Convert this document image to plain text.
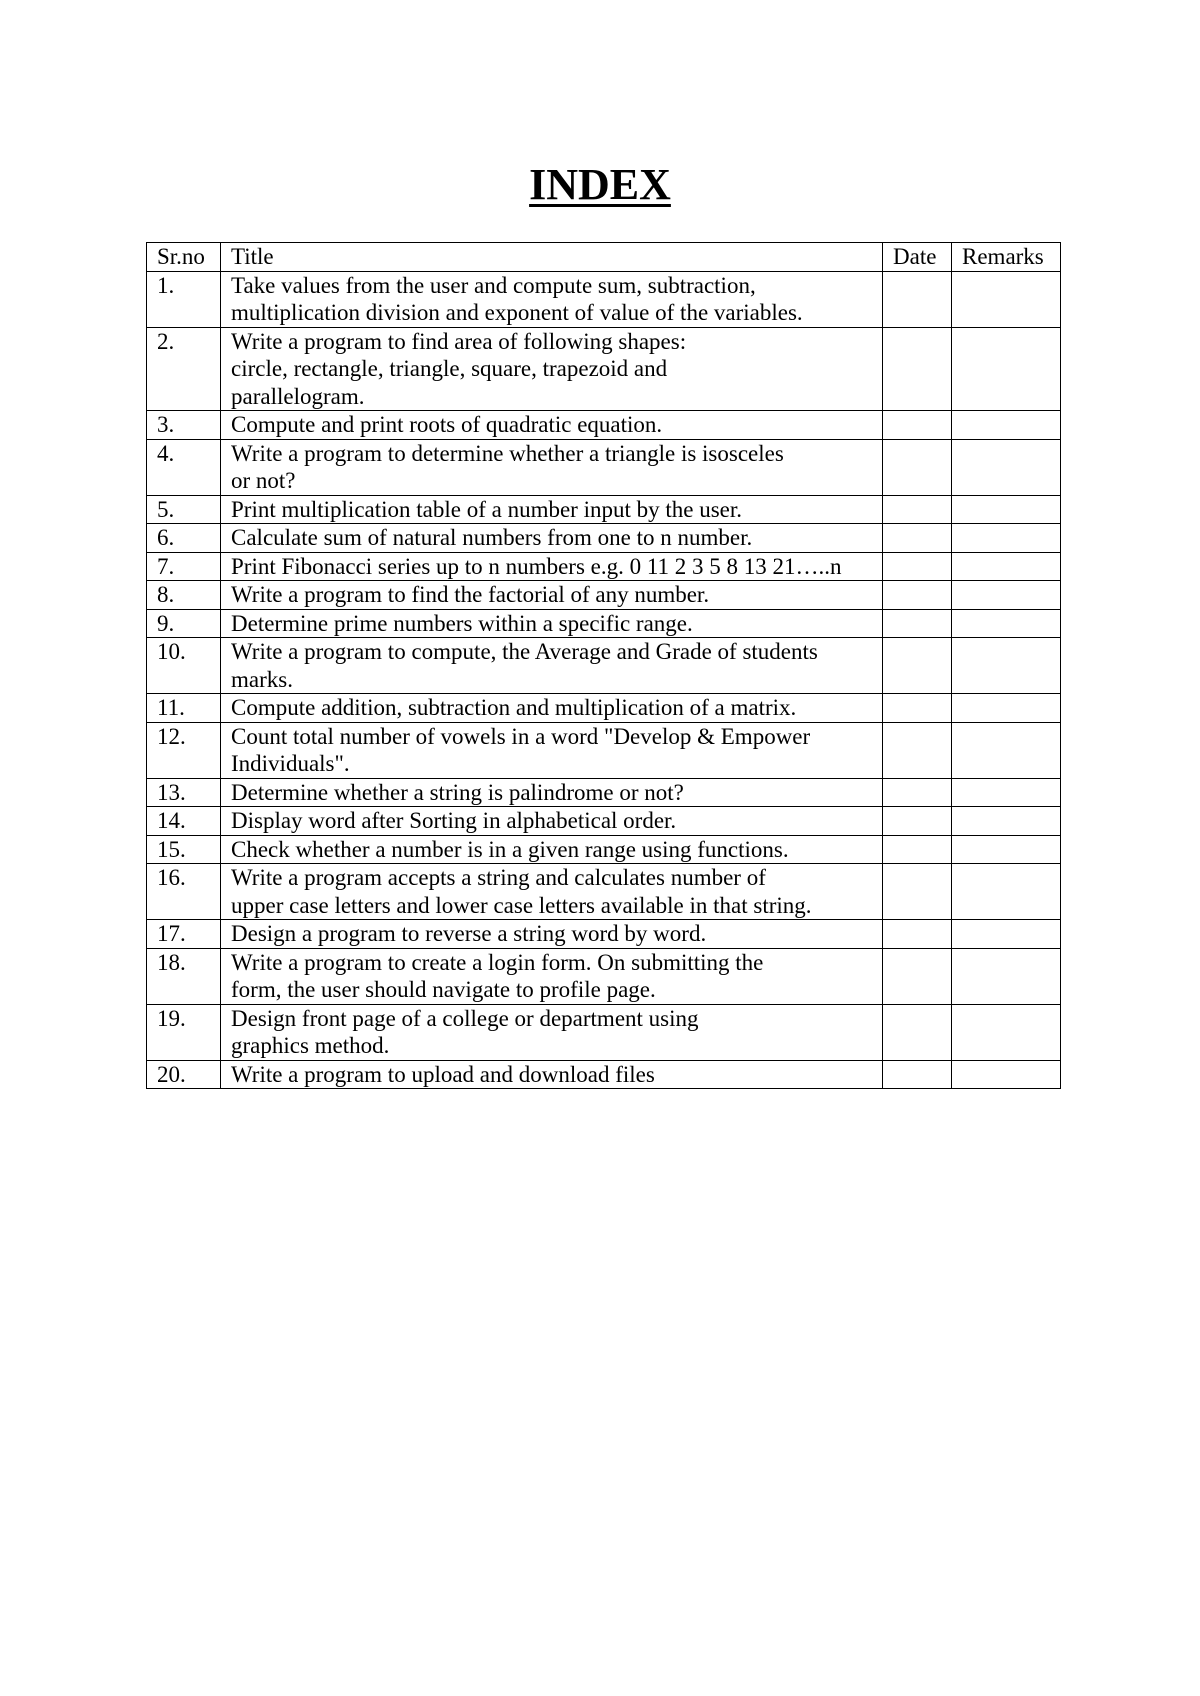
INDEX
Sr.no	Title	Date	Remarks
1.	Take values from the user and compute sum, subtraction,
multiplication division and exponent of value of the variables.		
2.	Write a program to find area of following shapes:
circle, rectangle, triangle, square, trapezoid and
parallelogram.		
3.	Compute and print roots of quadratic equation.		
4.	Write a program to determine whether a triangle is isosceles
or not?		
5.	Print multiplication table of a number input by the user.		
6.	Calculate sum of natural numbers from one to n number.		
7.	Print Fibonacci series up to n numbers e.g. 0 11 2 3 5 8 13 21…..n		
8.	Write a program to find the factorial of any number.		
9.	Determine prime numbers within a specific range.		
10.	Write a program to compute, the Average and Grade of students
marks.		
11.	Compute addition, subtraction and multiplication of a matrix.		
12.	Count total number of vowels in a word "Develop & Empower
Individuals".		
13.	Determine whether a string is palindrome or not?		
14.	Display word after Sorting in alphabetical order.		
15.	Check whether a number is in a given range using functions.		
16.	Write a program accepts a string and calculates number of
upper case letters and lower case letters available in that string.		
17.	Design a program to reverse a string word by word.		
18.	Write a program to create a login form. On submitting the
form, the user should navigate to profile page.		
19.	Design front page of a college or department using
graphics method.		
20.	Write a program to upload and download files		
